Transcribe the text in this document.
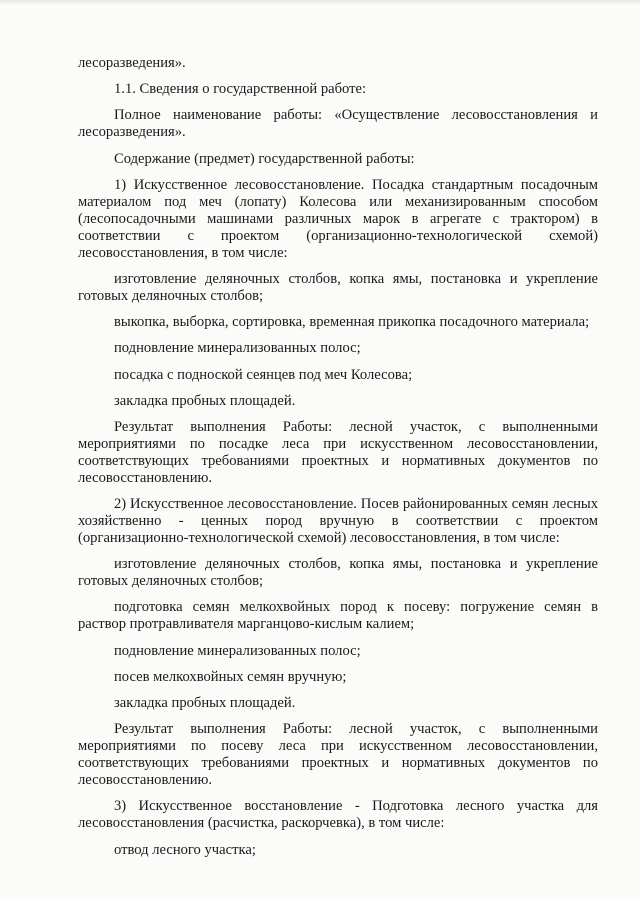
лесоразведения».

1.1. Сведения о государственной работе:

Полное наименование работы: «Осуществление лесовосстановления и лесоразведения».

Содержание (предмет) государственной работы:

1) Искусственное лесовосстановление. Посадка стандартным посадочным материалом под меч (лопату) Колесова или механизированным способом (лесопосадочными машинами различных марок в агрегате с трактором) в соответствии с проектом (организационно-технологической схемой) лесовосстановления, в том числе:

изготовление деляночных столбов, копка ямы, постановка и укрепление готовых деляночных столбов;

выкопка, выборка, сортировка, временная прикопка посадочного материала;

подновление минерализованных полос;

посадка с подноской сеянцев под меч Колесова;

закладка пробных площадей.

Результат выполнения Работы: лесной участок, с выполненными мероприятиями по посадке леса при искусственном лесовосстановлении, соответствующих требованиями проектных и нормативных документов по лесовосстановлению.

2) Искусственное лесовосстановление. Посев районированных семян лесных хозяйственно - ценных пород вручную в соответствии с проектом (организационно-технологической схемой) лесовосстановления, в том числе:

изготовление деляночных столбов, копка ямы, постановка и укрепление готовых деляночных столбов;

подготовка семян мелкохвойных пород к посеву: погружение семян в раствор протравливателя марганцово-кислым калием;

подновление минерализованных полос;

посев мелкохвойных семян вручную;

закладка пробных площадей.

Результат выполнения Работы: лесной участок, с выполненными мероприятиями по посеву леса при искусственном лесовосстановлении, соответствующих требованиями проектных и нормативных документов по лесовосстановлению.

3) Искусственное восстановление - Подготовка лесного участка для лесовосстановления (расчистка, раскорчевка), в том числе:

отвод лесного участка;
